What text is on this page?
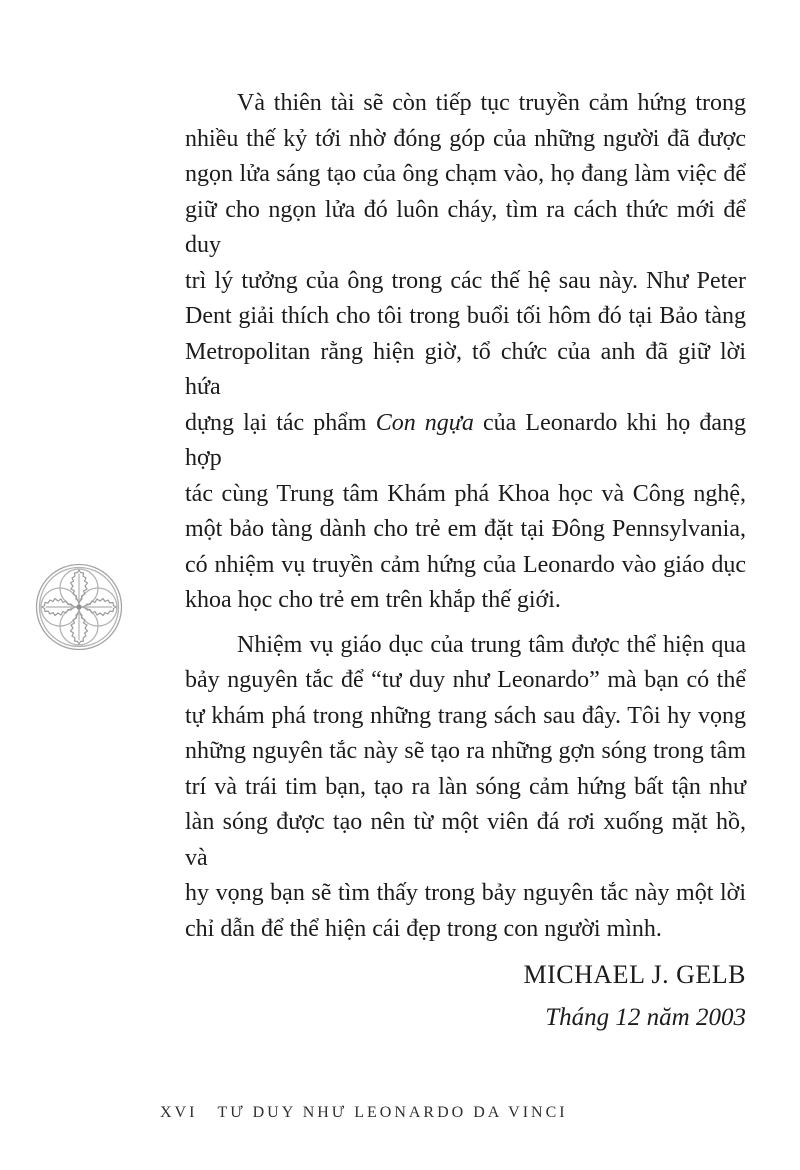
Và thiên tài sẽ còn tiếp tục truyền cảm hứng trong
nhiều thế kỷ tới nhờ đóng góp của những người đã được
ngọn lửa sáng tạo của ông chạm vào, họ đang làm việc để
giữ cho ngọn lửa đó luôn cháy, tìm ra cách thức mới để duy
trì lý tưởng của ông trong các thế hệ sau này. Như Peter
Dent giải thích cho tôi trong buổi tối hôm đó tại Bảo tàng
Metropolitan rằng hiện giờ, tổ chức của anh đã giữ lời hứa
dựng lại tác phẩm Con ngựa của Leonardo khi họ đang hợp
tác cùng Trung tâm Khám phá Khoa học và Công nghệ,
một bảo tàng dành cho trẻ em đặt tại Đông Pennsylvania,
có nhiệm vụ truyền cảm hứng của Leonardo vào giáo dục
khoa học cho trẻ em trên khắp thế giới.
Nhiệm vụ giáo dục của trung tâm được thể hiện qua
bảy nguyên tắc để “tư duy như Leonardo” mà bạn có thể
tự khám phá trong những trang sách sau đây. Tôi hy vọng
những nguyên tắc này sẽ tạo ra những gợn sóng trong tâm
trí và trái tim bạn, tạo ra làn sóng cảm hứng bất tận như
làn sóng được tạo nên từ một viên đá rơi xuống mặt hồ, và
hy vọng bạn sẽ tìm thấy trong bảy nguyên tắc này một lời
chỉ dẫn để thể hiện cái đẹp trong con người mình.
MICHAEL J. GELB
Tháng 12 năm 2003
XVI TƯ DUY NHƯ LEONARDO DA VINCI
